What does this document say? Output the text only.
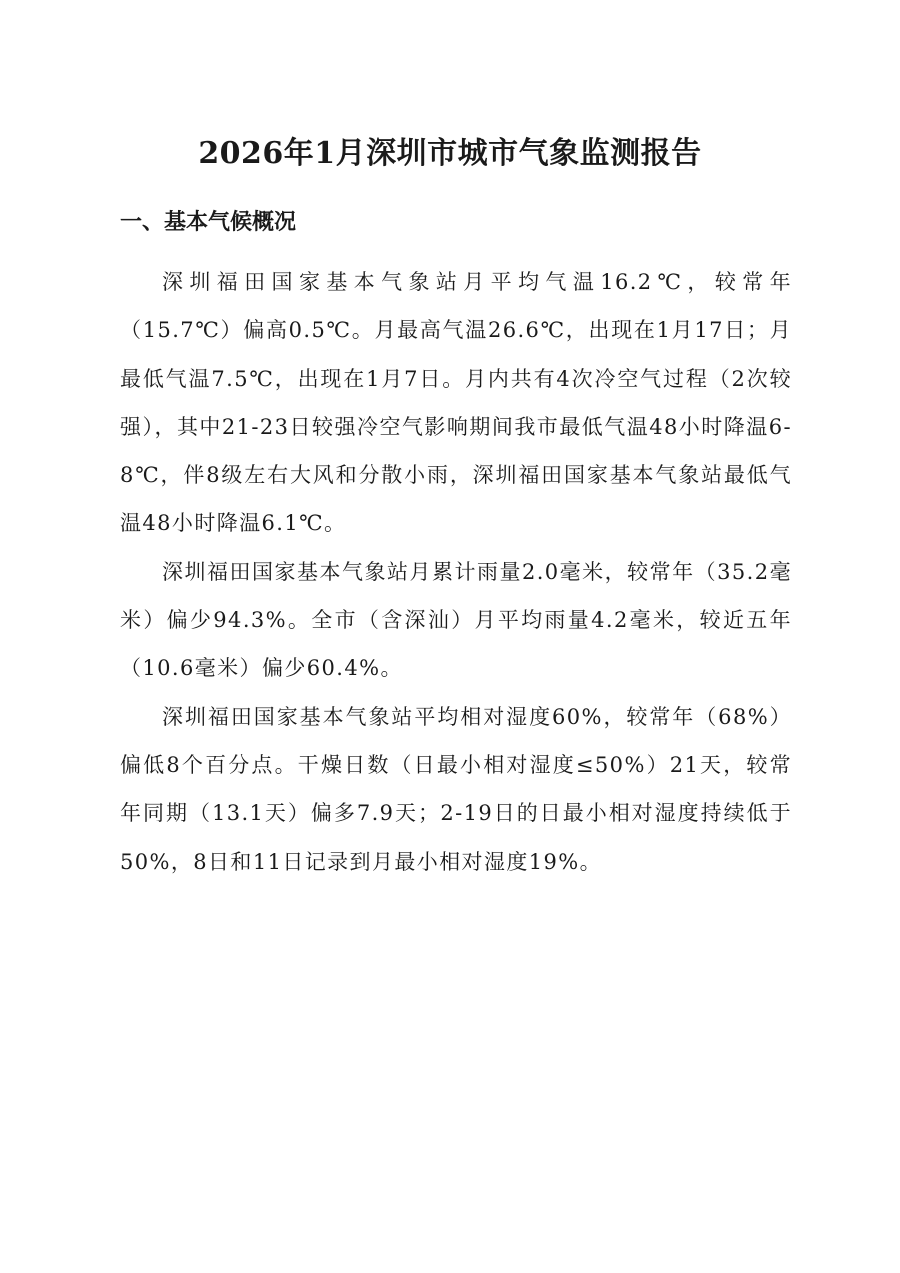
2026年1月深圳市城市气象监测报告
一、基本气候概况

深圳福田国家基本气象站月平均气温16.2℃，较常年（15.7℃）偏高0.5℃。月最高气温26.6℃，出现在1月17日；月最低气温7.5℃，出现在1月7日。月内共有4次冷空气过程（2次较强），其中21-23日较强冷空气影响期间我市最低气温48小时降温6-8℃，伴8级左右大风和分散小雨，深圳福田国家基本气象站最低气温48小时降温6.1℃。

深圳福田国家基本气象站月累计雨量2.0毫米，较常年（35.2毫米）偏少94.3%。全市（含深汕）月平均雨量4.2毫米，较近五年（10.6毫米）偏少60.4%。

深圳福田国家基本气象站平均相对湿度60%，较常年（68%）偏低8个百分点。干燥日数（日最小相对湿度≤50%）21天，较常年同期（13.1天）偏多7.9天；2-19日的日最小相对湿度持续低于50%，8日和11日记录到月最小相对湿度19%。
